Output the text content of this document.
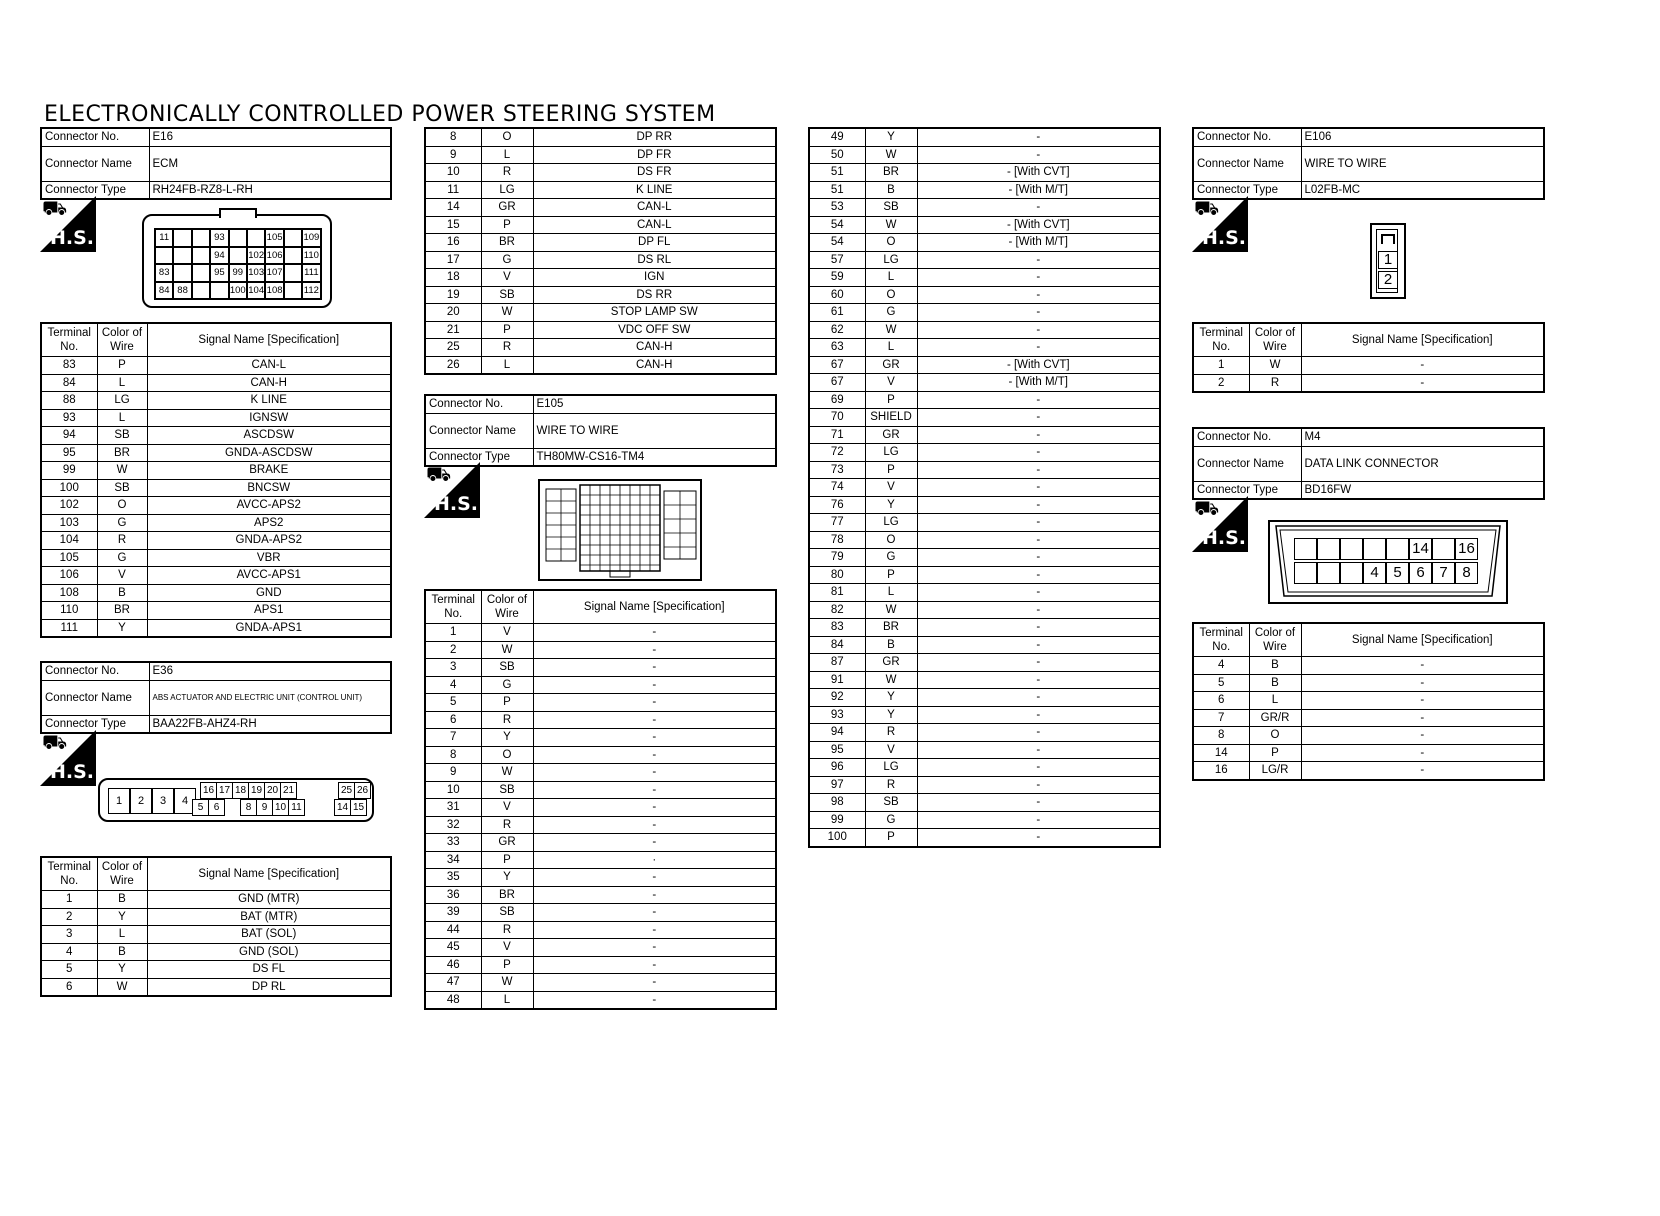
ELECTRONICALLY CONTROLLED POWER STEERING SYSTEM
Connector No.	E16
Connector Name	ECM
Connector Type	RH24FB-RZ8-L-RH
⛟
H.S.	11	93	105 109
94	102 106 110
83	95 99 103 107 111
84 88	100 104 108 112
Terminal No.	Color of Wire	Signal Name [Specification]
83	P	CAN-L
84	L	CAN-H
88	LG	K LINE
93	L	IGNSW
94	SB	ASCDSW
95	BR	GNDA-ASCDSW
99	W	BRAKE
100	SB	BNCSW
102	O	AVCC-APS2
103	G	APS2
104	R	GNDA-APS2
105	G	VBR
106	V	AVCC-APS1
108	B	GND
110	BR	APS1
111	Y	GNDA-APS1
Connector No.	E36
Connector Name	ABS ACTUATOR AND ELECTRIC UNIT (CONTROL UNIT)
Connector Type	BAA22FB-AHZ4-RH
⛟
H.S.
1	2	3	4
16 17 18 19 20 21	25 26
5	6	8	9 10 11	14 15
Terminal No.	Color of Wire	Signal Name [Specification]
1	B	GND (MTR)
2	Y	BAT (MTR)
3	L	BAT (SOL)
4	B	GND (SOL)
5	Y	DS FL
6	W	DP RL
8	O	DP RR
9	L	DP FR
10	R	DS FR
11	LG	K LINE
14	GR	CAN-L
15	P	CAN-L
16	BR	DP FL
17	G	DS RL
18	V	IGN
19	SB	DS RR
20	W	STOP LAMP SW
21	P	VDC OFF SW
25	R	CAN-H
26	L	CAN-H
Connector No.	E105
Connector Name	WIRE TO WIRE
Connector Type	TH80MW-CS16-TM4
⛟
H.S.
Terminal No.	Color of Wire	Signal Name [Specification]
1	V	-
2	W	-
3	SB	-
4	G	-
5	P	-
6	R	-
7	Y	-
8	O	-
9	W	-
10	SB	-
31	V	-
32	R	-
33	GR	-
34	P	·
35	Y	-
36	BR	-
39	SB	-
44	R	-
45	V	-
46	P	-
47	W	-
48	L	-
49	Y	-
50	W	-
51	BR	- [With CVT]
51	B	- [With M/T]
53	SB	-
54	W	- [With CVT]
54	O	- [With M/T]
57	LG	-
59	L	-
60	O	-
61	G	-
62	W	-
63	L	-
67	GR	- [With CVT]
67	V	- [With M/T]
69	P	-
70	SHIELD	-
71	GR	-
72	LG	-
73	P	-
74	V	-
76	Y	-
77	LG	-
78	O	-
79	G	-
80	P	-
81	L	-
82	W	-
83	BR	-
84	B	-
87	GR	-
91	W	-
92	Y	-
93	Y	-
94	R	-
95	V	-
96	LG	-
97	R	-
98	SB	-
99	G	-
100	P	-
Connector No.	E106
Connector Name	WIRE TO WIRE
Connector Type	L02FB-MC
⛟
H.S.
1
2
Terminal No.	Color of Wire	Signal Name [Specification]
1	W	-
2	R	-
Connector No.	M4
Connector Name	DATA LINK CONNECTOR
Connector Type	BD16FW
⛟
H.S.	14 16
4 5 6 7 8
Terminal No.	Color of Wire	Signal Name [Specification]
4	B	-
5	B	-
6	L	-
7	GR/R	-
8	O	-
14	P	-
16	LG/R	-
